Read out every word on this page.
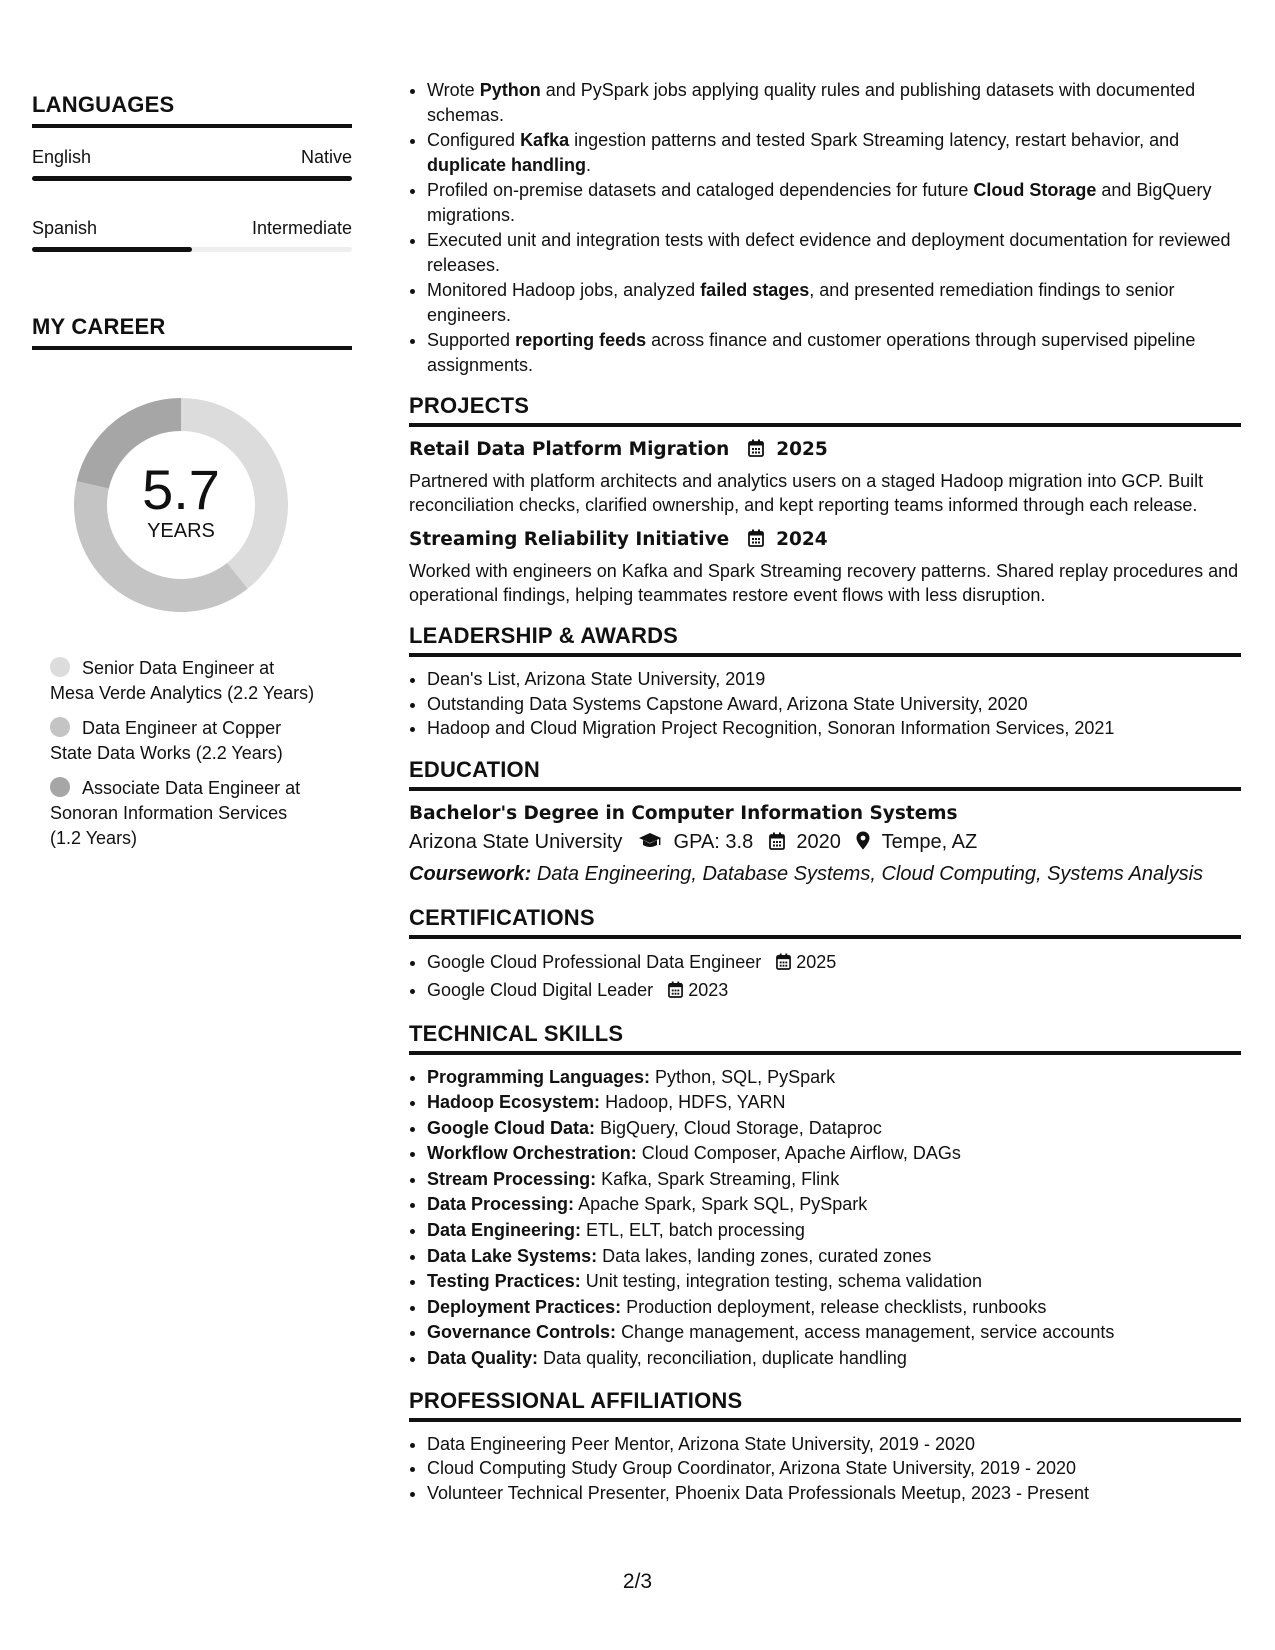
LANGUAGES
English	Native
Spanish	Intermediate
MY CAREER
5.7
YEARS
Senior Data Engineer at Mesa Verde Analytics (2.2 Years)
Data Engineer at Copper State Data Works (2.2 Years)
Associate Data Engineer at Sonoran Information Services (1.2 Years)
• Wrote Python and PySpark jobs applying quality rules and publishing datasets with documented schemas.
• Configured Kafka ingestion patterns and tested Spark Streaming latency, restart behavior, and duplicate handling.
• Profiled on-premise datasets and cataloged dependencies for future Cloud Storage and BigQuery migrations.
• Executed unit and integration tests with defect evidence and deployment documentation for reviewed releases.
• Monitored Hadoop jobs, analyzed failed stages, and presented remediation findings to senior engineers.
• Supported reporting feeds across finance and customer operations through supervised pipeline assignments.
PROJECTS
Retail Data Platform Migration	2025
Partnered with platform architects and analytics users on a staged Hadoop migration into GCP. Built reconciliation checks, clarified ownership, and kept reporting teams informed through each release.
Streaming Reliability Initiative	2024
Worked with engineers on Kafka and Spark Streaming recovery patterns. Shared replay procedures and operational findings, helping teammates restore event flows with less disruption.
LEADERSHIP & AWARDS
• Dean's List, Arizona State University, 2019
• Outstanding Data Systems Capstone Award, Arizona State University, 2020
• Hadoop and Cloud Migration Project Recognition, Sonoran Information Services, 2021
EDUCATION
Bachelor's Degree in Computer Information Systems
Arizona State University	GPA: 3.8 2020 Tempe, AZ
Coursework: Data Engineering, Database Systems, Cloud Computing, Systems Analysis
CERTIFICATIONS
• Google Cloud Professional Data Engineer 2025
• Google Cloud Digital Leader 2023
TECHNICAL SKILLS
• Programming Languages: Python, SQL, PySpark
• Hadoop Ecosystem: Hadoop, HDFS, YARN
• Google Cloud Data: BigQuery, Cloud Storage, Dataproc
• Workflow Orchestration: Cloud Composer, Apache Airflow, DAGs
• Stream Processing: Kafka, Spark Streaming, Flink
• Data Processing: Apache Spark, Spark SQL, PySpark
• Data Engineering: ETL, ELT, batch processing
• Data Lake Systems: Data lakes, landing zones, curated zones
• Testing Practices: Unit testing, integration testing, schema validation
• Deployment Practices: Production deployment, release checklists, runbooks
• Governance Controls: Change management, access management, service accounts
• Data Quality: Data quality, reconciliation, duplicate handling
PROFESSIONAL AFFILIATIONS
• Data Engineering Peer Mentor, Arizona State University, 2019 - 2020
• Cloud Computing Study Group Coordinator, Arizona State University, 2019 - 2020
• Volunteer Technical Presenter, Phoenix Data Professionals Meetup, 2023 - Present
2/3
